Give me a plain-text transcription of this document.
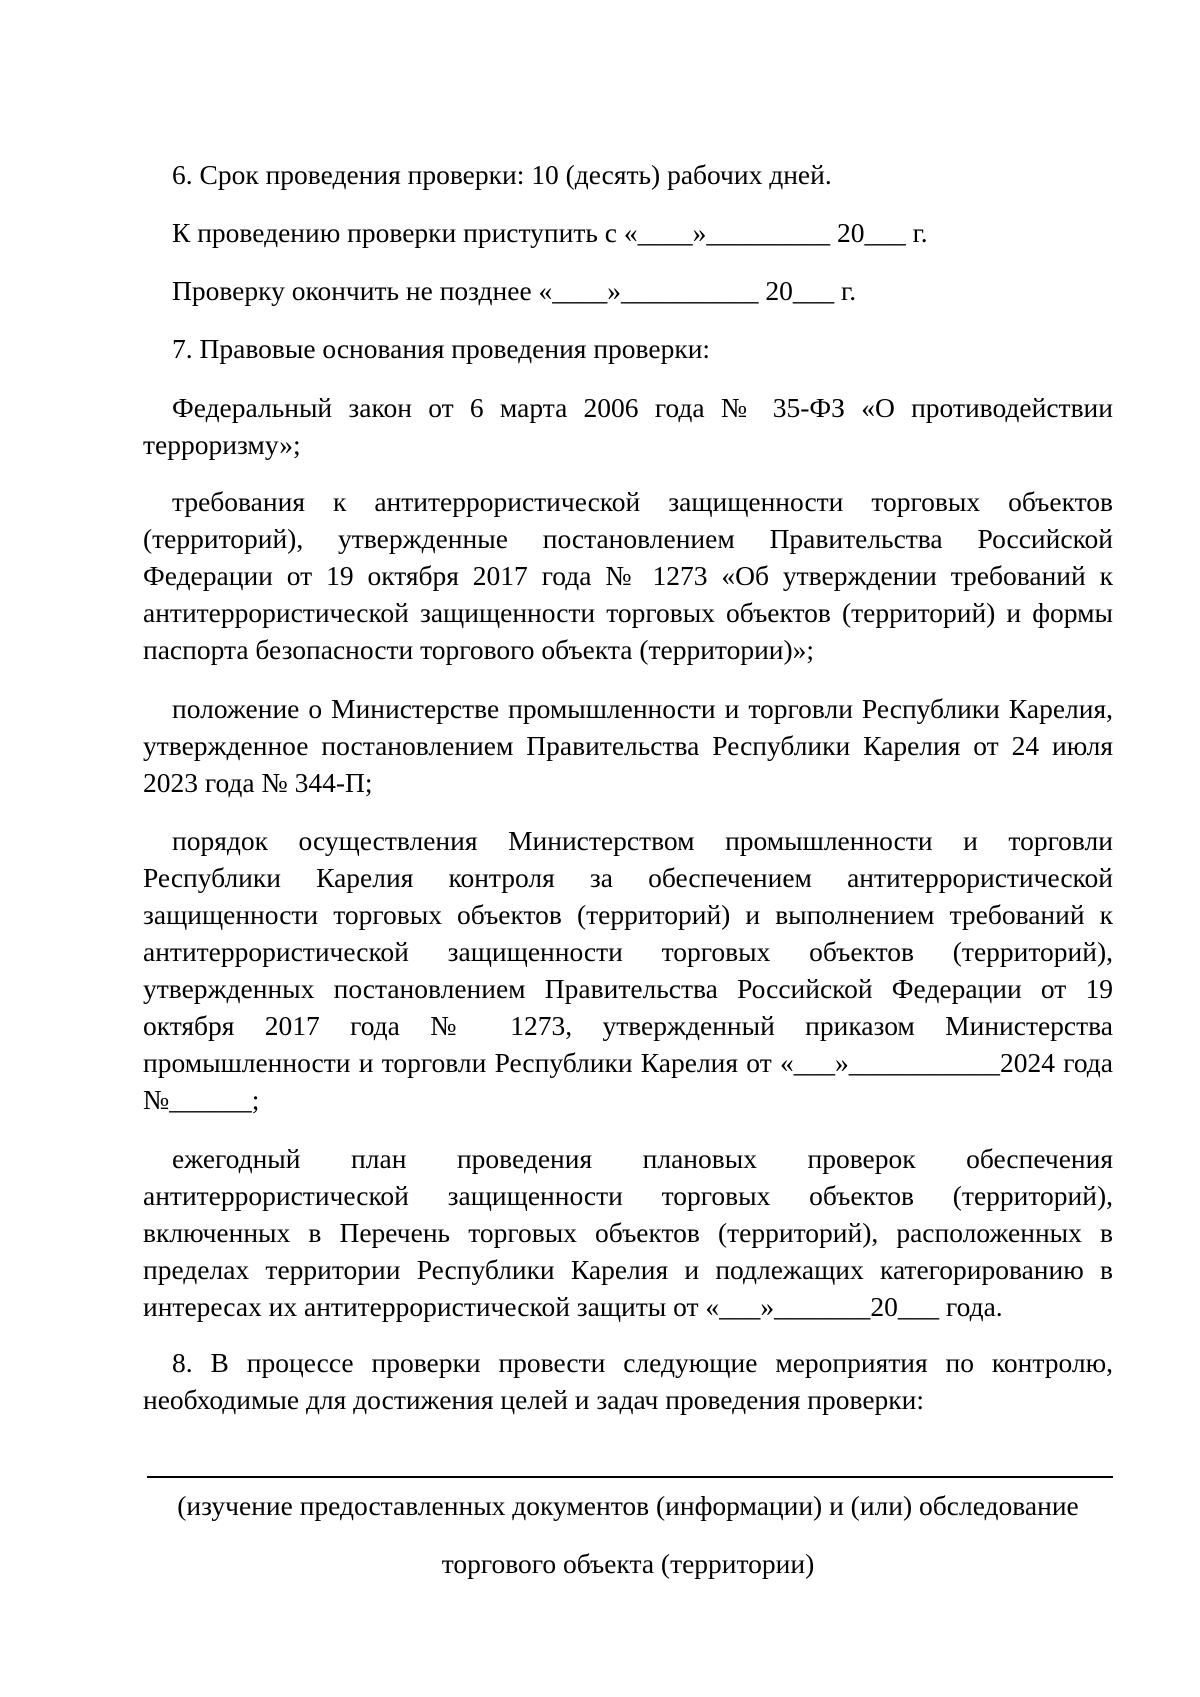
6. Срок проведения проверки: 10 (десять) рабочих дней.

К проведению проверки приступить с «____»_________ 20___ г.

Проверку окончить не позднее «____»__________ 20___ г.

7. Правовые основания проведения проверки:

Федеральный закон от 6 марта 2006 года № 35-ФЗ «О противодействии терроризму»;

требования к антитеррористической защищенности торговых объектов (территорий), утвержденные постановлением Правительства Российской Федерации от 19 октября 2017 года № 1273 «Об утверждении требований к антитеррористической защищенности торговых объектов (территорий) и формы паспорта безопасности торгового объекта (территории)»;

положение о Министерстве промышленности и торговли Республики Карелия, утвержденное постановлением Правительства Республики Карелия от 24 июля 2023 года № 344-П;

порядок осуществления Министерством промышленности и торговли Республики Карелия контроля за обеспечением антитеррористической защищенности торговых объектов (территорий) и выполнением требований к антитеррористической защищенности торговых объектов (территорий), утвержденных постановлением Правительства Российской Федерации от 19 октября 2017 года № 1273, утвержденный приказом Министерства промышленности и торговли Республики Карелия от «___»___________2024 года №______;

ежегодный план проведения плановых проверок обеспечения антитеррористической защищенности торговых объектов (территорий), включенных в Перечень торговых объектов (территорий), расположенных в пределах территории Республики Карелия и подлежащих категорированию в интересах их антитеррористической защиты от «___»_______20___ года.

8. В процессе проверки провести следующие мероприятия по контролю, необходимые для достижения целей и задач проведения проверки:

(изучение предоставленных документов (информации) и (или) обследование

торгового объекта (территории)
